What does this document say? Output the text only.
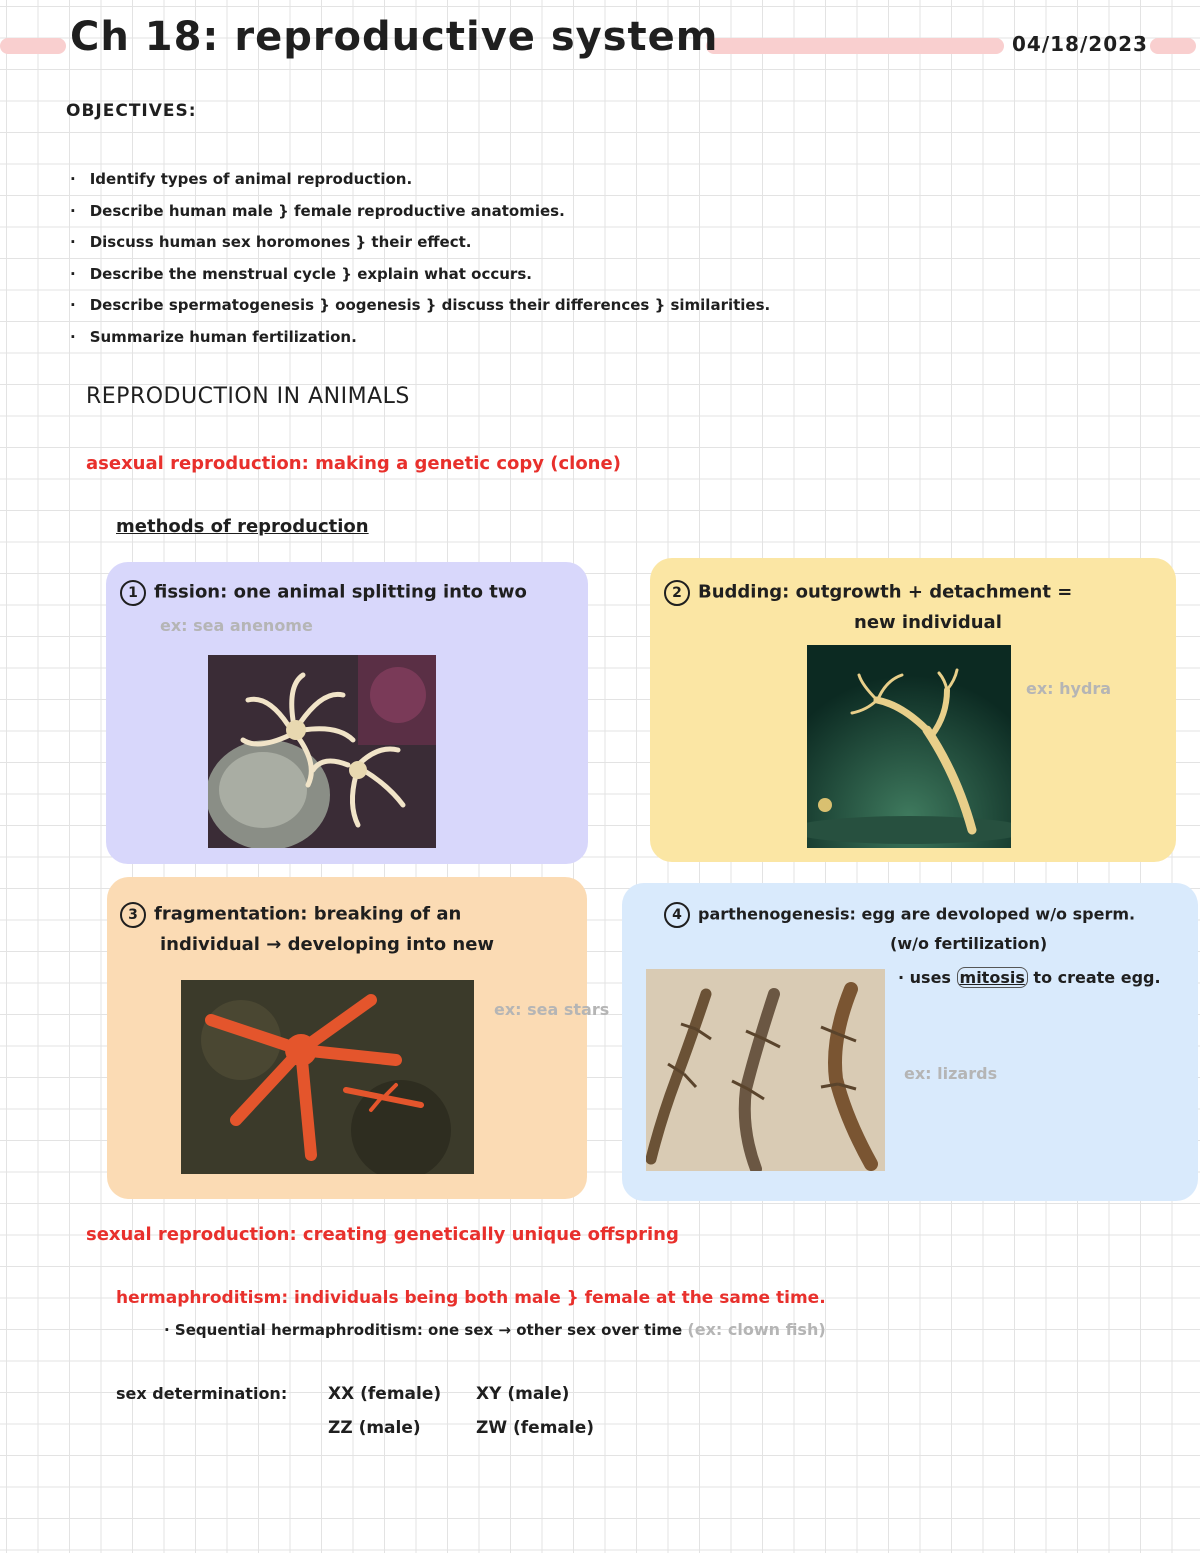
Ch 18: reproductive system	04/18/2023
OBJECTIVES:
· Identify types of animal reproduction.
· Describe human male } female reproductive anatomies.
· Discuss human sex horomones } their effect.
· Describe the menstrual cycle } explain what occurs.
· Describe spermatogenesis } oogenesis } discuss their differences } similarities.
· Summarize human fertilization.
REPRODUCTION IN ANIMALS
asexual reproduction: making a genetic copy (clone)
methods of reproduction
1 fission: one animal splitting into two
ex: sea anenome
2 Budding: outgrowth + detachment =
new individual
ex: hydra
3 fragmentation: breaking of an
individual → developing into new
ex: sea stars
4 parthenogenesis: egg are devoloped w/o sperm.
(w/o fertilization)
· uses mitosis to create egg.
ex: lizards
sexual reproduction: creating genetically unique offspring
hermaphroditism: individuals being both male } female at the same time.
· Sequential hermaphroditism: one sex → other sex over time (ex: clown fish)
sex determination: XX (female) XY (male)
ZZ (male)	ZW (female)
